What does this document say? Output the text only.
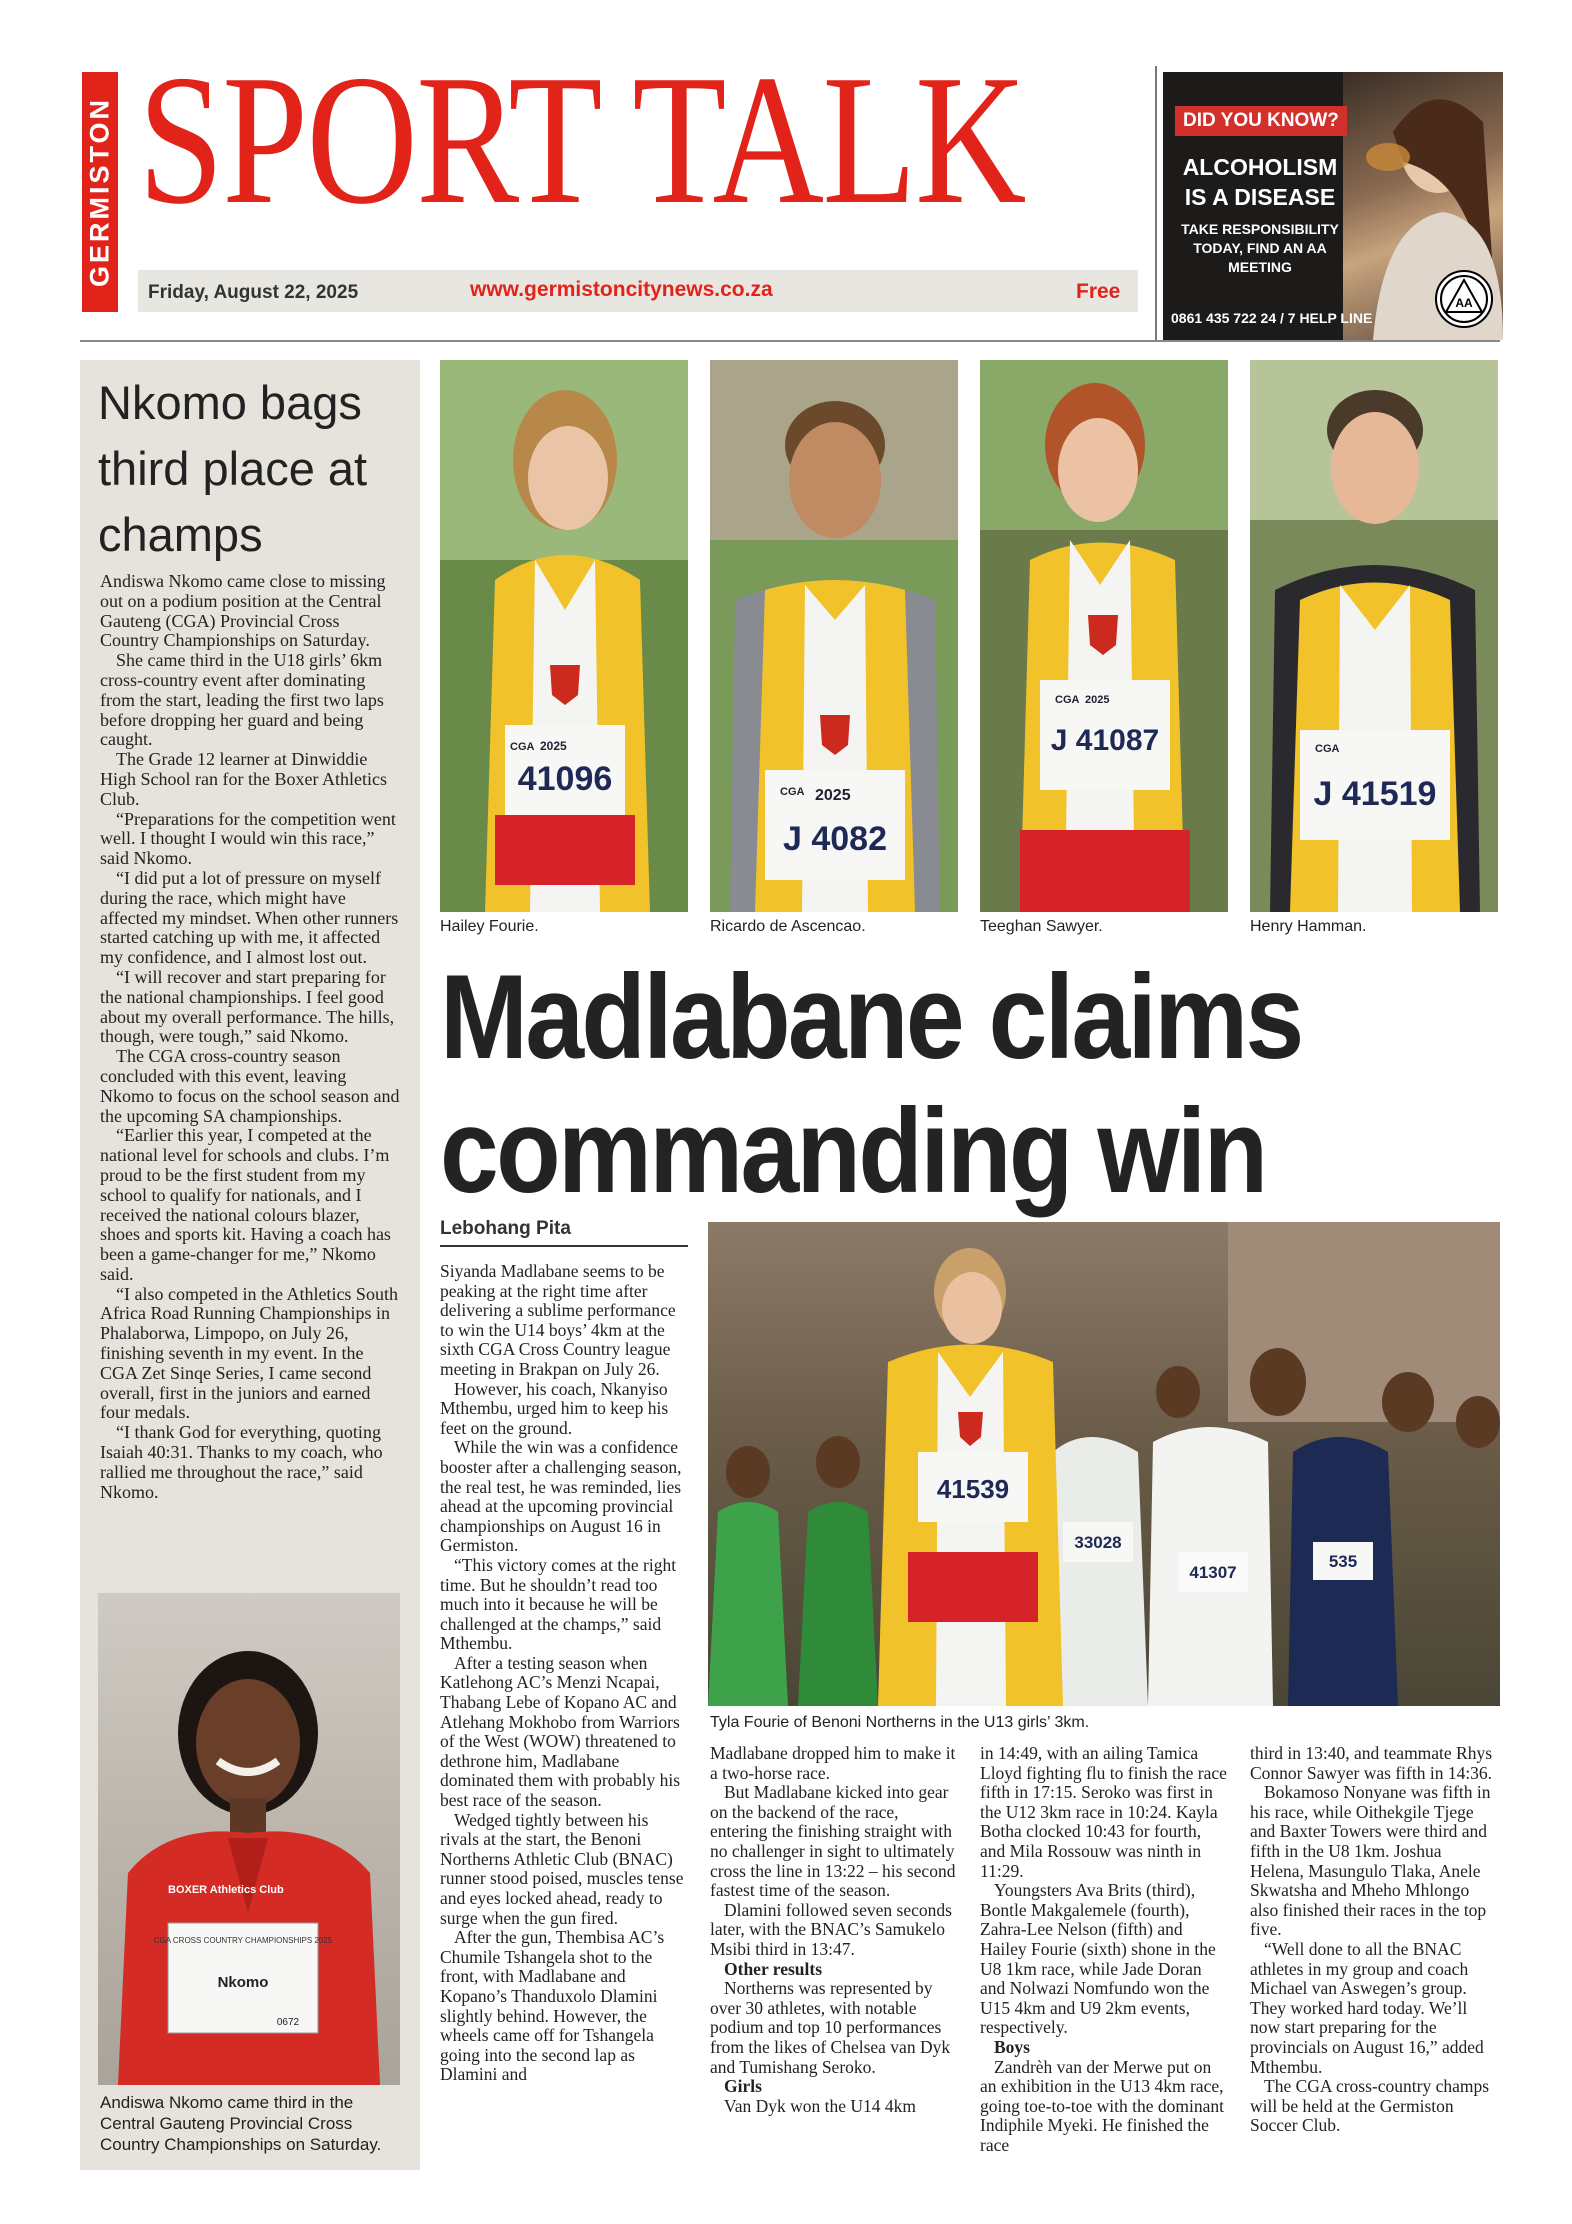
GERMISTON SPORT TALK
Friday, August 22, 2025	www.germistoncitynews.co.za	Free
DID YOU KNOW?
ALCOHOLISM
IS A DISEASE
TAKE RESPONSIBILITY TODAY, FIND AN AA MEETING
0861 435 722 24 / 7 HELP LINE
AA
Nkomo bags third place at champs

Andiswa Nkomo came close to missing out on a podium position at the Central Gauteng (CGA) Provincial Cross Country Championships on Saturday.

She came third in the U18 girls’ 6km cross-country event after dominating from the start, leading the first two laps before dropping her guard and being caught.

The Grade 12 learner at Dinwiddie High School ran for the Boxer Athletics Club.

“Preparations for the competition went well. I thought I would win this race,” said Nkomo.

“I did put a lot of pressure on myself during the race, which might have affected my mindset. When other runners started catching up with me, it affected my confidence, and I almost lost out.

“I will recover and start preparing for the national championships. I feel good about my overall performance. The hills, though, were tough,” said Nkomo.

The CGA cross-country season concluded with this event, leaving Nkomo to focus on the school season and the upcoming SA championships.

“Earlier this year, I competed at the national level for schools and clubs. I’m proud to be the first student from my school to qualify for nationals, and I received the national colours blazer, shoes and sports kit. Having a coach has been a game-changer for me,” Nkomo said.

“I also competed in the Athletics South Africa Road Running Championships in Phalaborwa, Limpopo, on July 26, finishing seventh in my event. In the CGA Zet Sinqe Series, I came second overall, first in the juniors and earned four medals.

“I thank God for everything, quoting Isaiah 40:31. Thanks to my coach, who rallied me throughout the race,” said Nkomo.

CGA CROSS COUNTRY CHAMPIONSHIPS 2025
Nkomo
0672
BOXER Athletics Club
Andiswa Nkomo came third in the Central Gauteng Provincial Cross Country Championships on Saturday.
CGA 2025
41096	CGA 2025
J 4082
CGA 2025
J 41087	CGA
J 41519
Hailey Fourie.	Ricardo de Ascencao.	Teeghan Sawyer.	Henry Hamman.
Madlabane claims
commanding win
Lebohang Pita

Siyanda Madlabane seems to be peaking at the right time after delivering a sublime performance to win the U14 boys’ 4km at the sixth CGA Cross Country league meeting in Brakpan on July 26.

However, his coach, Nkanyiso Mthembu, urged him to keep his feet on the ground.

While the win was a confidence booster after a challenging season, the real test, he was reminded, lies ahead at the upcoming provincial championships on August 16 in Germiston.

“This victory comes at the right time. But he shouldn’t read too much into it because he will be challenged at the champs,” said Mthembu.

After a testing season when Katlehong AC’s Menzi Ncapai, Thabang Lebe of Kopano AC and Atlehang Mokhobo from Warriors of the West (WOW) threatened to dethrone him, Madlabane dominated them with probably his best race of the season.

Wedged tightly between his rivals at the start, the Benoni Northerns Athletic Club (BNAC) runner stood poised, muscles tense and eyes locked ahead, ready to surge when the gun fired.

After the gun, Thembisa AC’s Chumile Tshangela shot to the front, with Madlabane and Kopano’s Thanduxolo Dlamini slightly behind. However, the wheels came off for Tshangela going into the second lap as Dlamini and

33028
41307
535
41539
Tyla Fourie of Benoni Northerns in the U13 girls’ 3km.

Madlabane dropped him to make it a two-horse race.

But Madlabane kicked into gear on the backend of the race, entering the finishing straight with no challenger in sight to ultimately cross the line in 13:22 – his second fastest time of the season.

Dlamini followed seven seconds later, with the BNAC’s Samukelo Msibi third in 13:47.

Other results

Northerns was represented by over 30 athletes, with notable podium and top 10 performances from the likes of Chelsea van Dyk and Tumishang Seroko.

Girls

Van Dyk won the U14 4km

in 14:49, with an ailing Tamica Lloyd fighting flu to finish the race fifth in 17:15. Seroko was first in the U12 3km race in 10:24. Kayla Botha clocked 10:43 for fourth, and Mila Rossouw was ninth in 11:29.

Youngsters Ava Brits (third), Bontle Makgalemele (fourth), Zahra-Lee Nelson (fifth) and Hailey Fourie (sixth) shone in the U8 1km race, while Jade Doran and Nolwazi Nomfundo won the U15 4km and U9 2km events, respectively.

Boys

Zandrèh van der Merwe put on an exhibition in the U13 4km race, going toe-to-toe with the dominant Indiphile Myeki. He finished the race

third in 13:40, and teammate Rhys Connor Sawyer was fifth in 14:36.

Bokamoso Nonyane was fifth in his race, while Oithekgile Tjege and Baxter Towers were third and fifth in the U8 1km. Joshua Helena, Masungulo Tlaka, Anele Skwatsha and Mheho Mhlongo also finished their races in the top five.

“Well done to all the BNAC athletes in my group and coach Michael van Aswegen’s group. They worked hard today. We’ll now start preparing for the provincials on August 16,” added Mthembu.

The CGA cross-country champs will be held at the Germiston Soccer Club.
